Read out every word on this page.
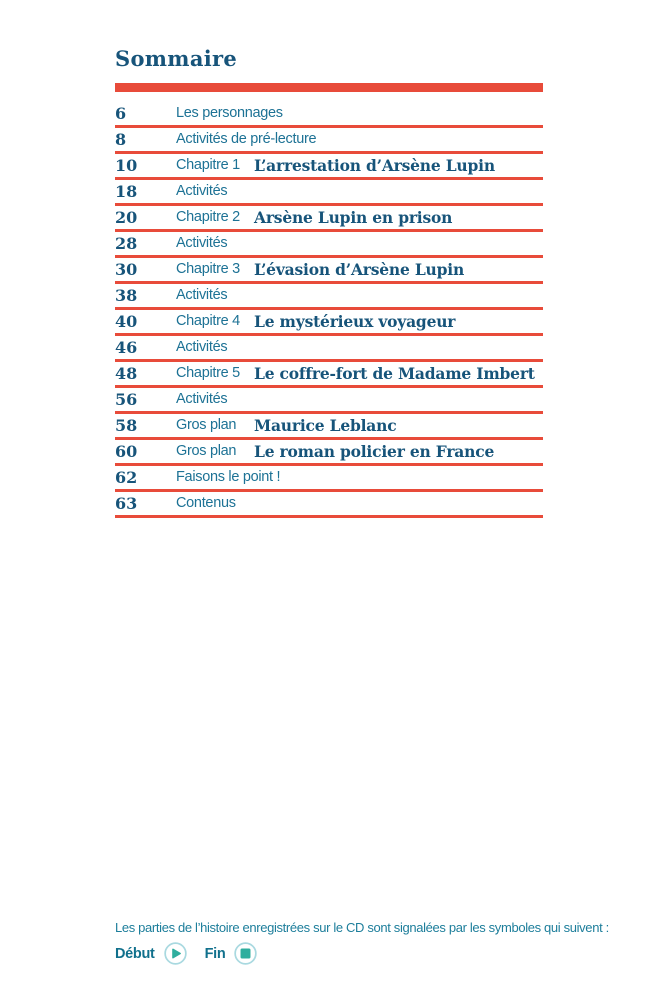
Sommaire
6	Les personnages
8	Activités de pré-lecture
10	Chapitre 1 L’arrestation d’Arsène Lupin
18	Activités
20	Chapitre 2 Arsène Lupin en prison
28	Activités
30	Chapitre 3 L’évasion d’Arsène Lupin
38	Activités
40	Chapitre 4 Le mystérieux voyageur
46	Activités
48	Chapitre 5 Le coffre-fort de Madame Imbert
56	Activités
58	Gros plan	Maurice Leblanc
60	Gros plan	Le roman policier en France
62	Faisons le point !
63	Contenus
Les parties de l’histoire enregistrées sur le CD sont signalées par les symboles qui suivent :
Début	Fin
